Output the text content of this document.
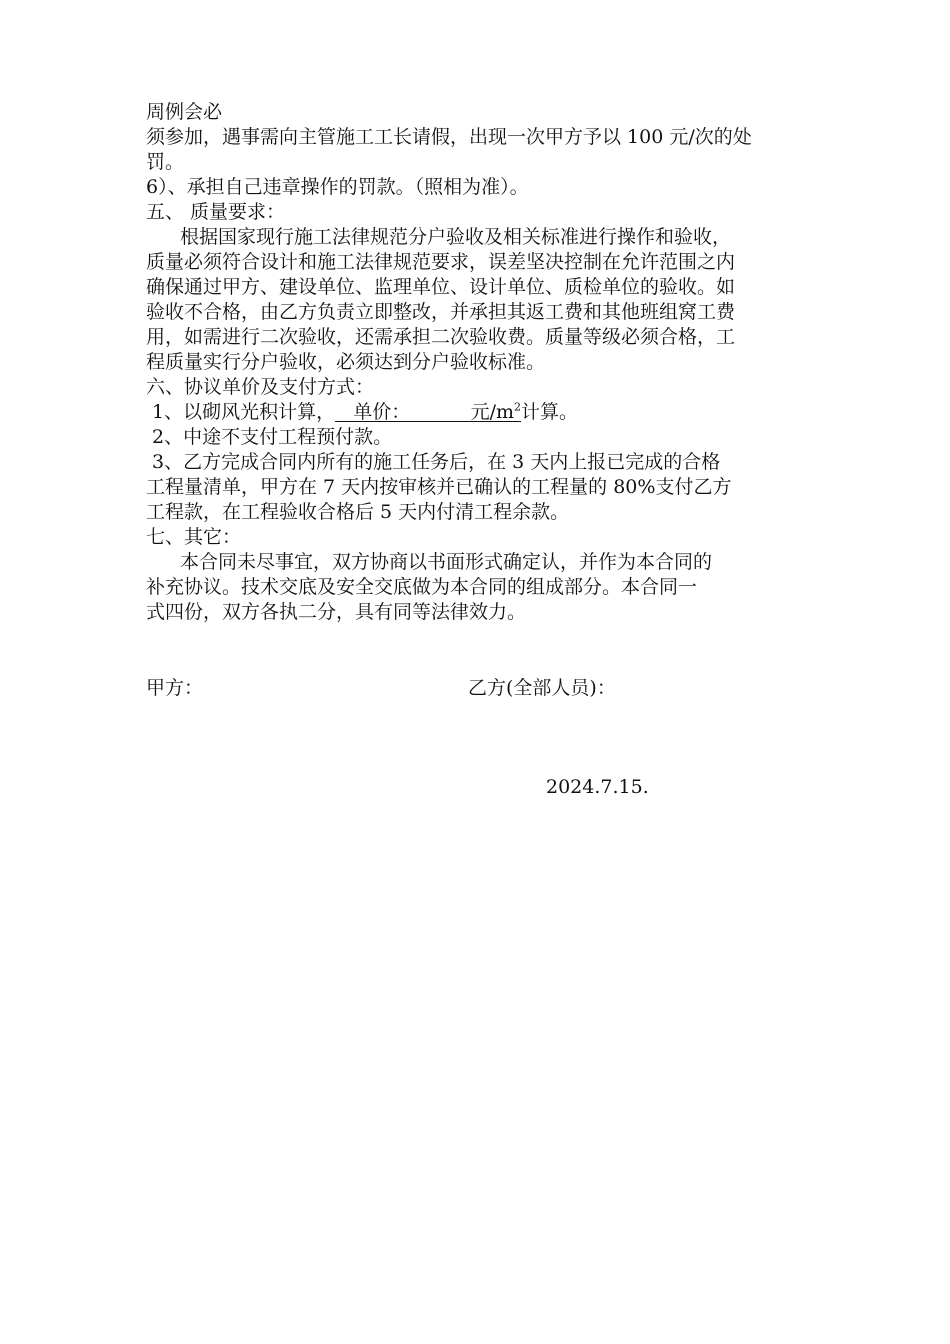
周例会必
须参加，遇事需向主管施工工长请假，出现一次甲方予以 100 元/次的处
罚。
6）、承担自己违章操作的罚款。（照相为准）。
五、 质量要求：
根据国家现行施工法律规范分户验收及相关标准进行操作和验收，
质量必须符合设计和施工法律规范要求，误差坚决控制在允许范围之内
确保通过甲方、建设单位、监理单位、设计单位、质检单位的验收。如
验收不合格，由乙方负责立即整改，并承担其返工费和其他班组窝工费
用，如需进行二次验收，还需承担二次验收费。质量等级必须合格，工
程质量实行分户验收，必须达到分户验收标准。
六、协议单价及支付方式：
1、以砌风光积计算，   单价：          元$/m^2$计算。
2、中途不支付工程预付款。
3、乙方完成合同内所有的施工任务后，在 3 天内上报已完成的合格
工程量清单，甲方在 7 天内按审核并已确认的工程量的 80%支付乙方
工程款，在工程验收合格后 5 天内付清工程余款。
七、其它：
本合同未尽事宜，双方协商以书面形式确定认，并作为本合同的
补充协议。技术交底及安全交底做为本合同的组成部分。本合同一
式四份，双方各执二分，具有同等法律效力。
甲方：	乙方(全部人员)：
2024.7.15.
